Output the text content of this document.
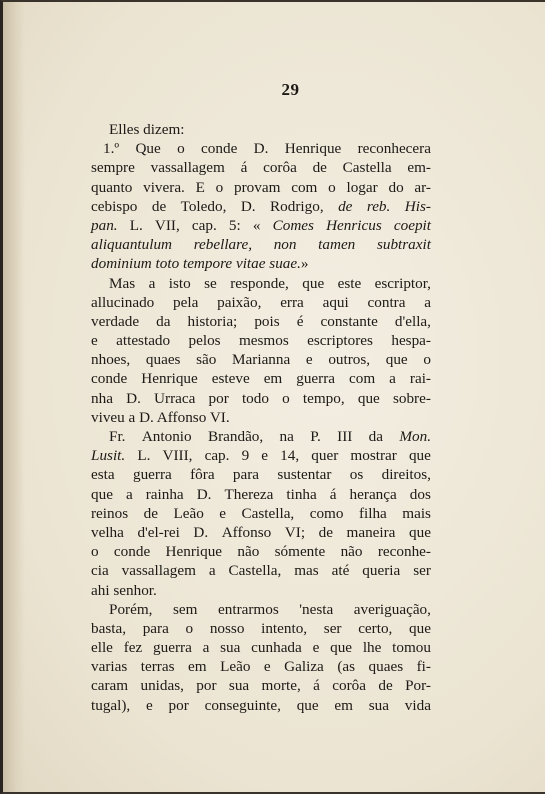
29
Elles dizem:
1.º Que o conde D. Henrique reconhecera
sempre vassallagem á corôa de Castella em-
quanto vivera. E o provam com o logar do ar-
cebispo de Toledo, D. Rodrigo, de reb. His-
pan. L. VII, cap. 5: « Comes Henricus coepit
aliquantulum rebellare, non tamen subtraxit
dominium toto tempore vitae suae. »
Mas a isto se responde, que este escriptor,
allucinado pela paixão, erra aqui contra a
verdade da historia; pois é constante d'ella,
e attestado pelos mesmos escriptores hespa-
nhoes, quaes são Marianna e outros, que o
conde Henrique esteve em guerra com a rai-
nha D. Urraca por todo o tempo, que sobre-
viveu a D. Affonso VI.
Fr. Antonio Brandão, na P. III da Mon.
Lusit. L. VIII, cap. 9 e 14, quer mostrar que
esta guerra fôra para sustentar os direitos,
que a rainha D. Thereza tinha á herança dos
reinos de Leão e Castella, como filha mais
velha d'el-rei D. Affonso VI; de maneira que
o conde Henrique não sómente não reconhe-
cia vassallagem a Castella, mas até queria ser
ahi senhor.
Porém, sem entrarmos 'nesta averiguação,
basta, para o nosso intento, ser certo, que
elle fez guerra a sua cunhada e que lhe tomou
varias terras em Leão e Galiza (as quaes fi-
caram unidas, por sua morte, á corôa de Por-
tugal), e por conseguinte, que em sua vida
